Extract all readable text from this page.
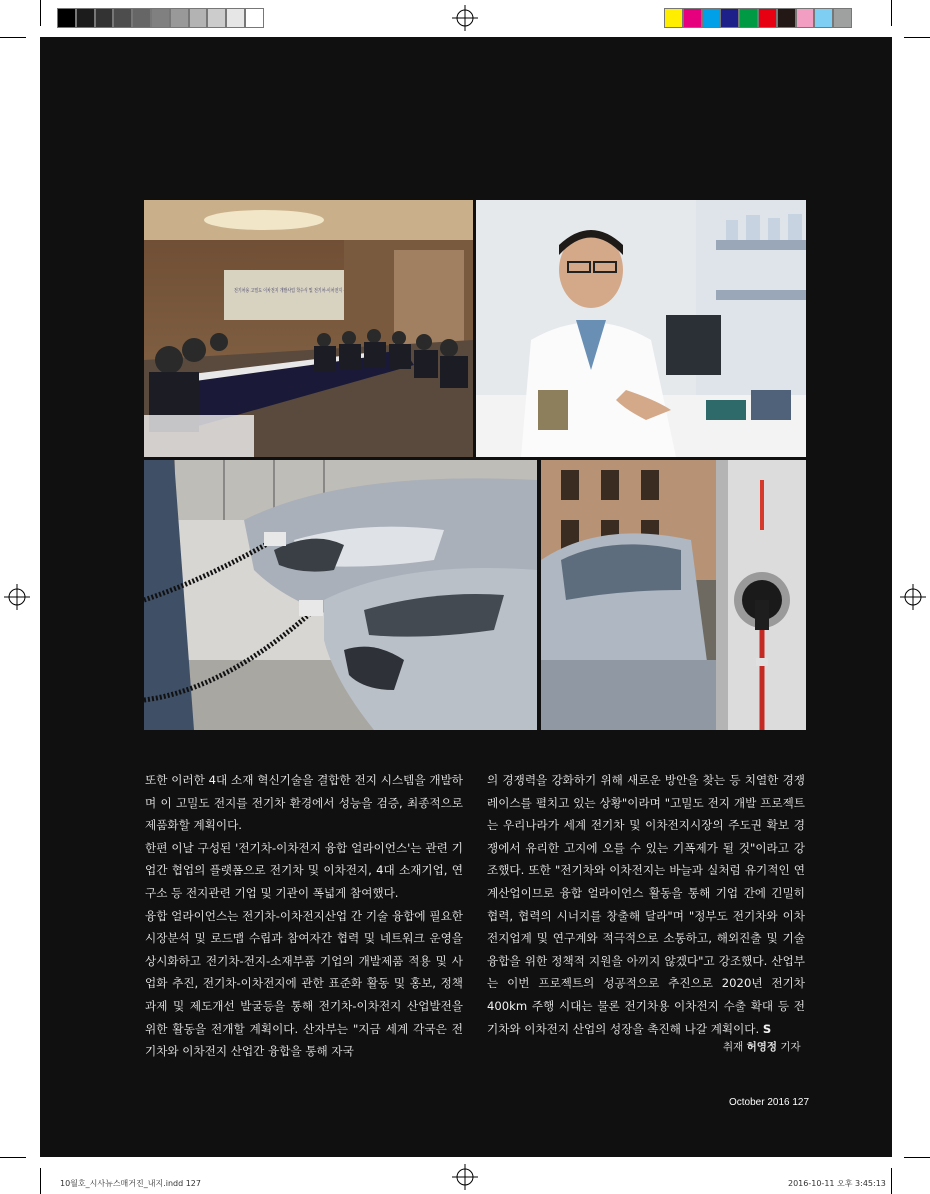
전기차용 고밀도 이차전지 개발사업 착수식 및 전기차-이차전지 융합 얼라이언스 출범식

또한 이러한 4대 소재 혁신기술을 결합한 전지 시스템을 개발하며 이 고밀도 전지를 전기차 환경에서 성능을 검증, 최종적으로 제품화할 계획이다.

한편 이날 구성된 '전기차-이차전지 융합 얼라이언스'는 관련 기업간 협업의 플랫폼으로 전기차 및 이차전지, 4대 소재기업, 연구소 등 전지관련 기업 및 기관이 폭넓게 참여했다.

융합 얼라이언스는 전기차-이차전지산업 간 기술 융합에 필요한 시장분석 및 로드맵 수립과 참여자간 협력 및 네트워크 운영을 상시화하고 전기차-전지-소재부품 기업의 개발제품 적용 및 사업화 추진, 전기차-이차전지에 관한 표준화 활동 및 홍보, 정책과제 및 제도개선 발굴등을 통해 전기차-이차전지 산업발전을 위한 활동을 전개할 계획이다. 산자부는 "지금 세계 각국은 전기차와 이차전지 산업간 융합을 통해 자국

의 경쟁력을 강화하기 위해 새로운 방안을 찾는 등 치열한 경쟁 레이스를 펼치고 있는 상황"이라며 "고밀도 전지 개발 프로젝트는 우리나라가 세계 전기차 및 이차전지시장의 주도권 확보 경쟁에서 유리한 고지에 오를 수 있는 기폭제가 될 것"이라고 강조했다. 또한 "전기차와 이차전지는 바늘과 실처럼 유기적인 연계산업이므로 융합 얼라이언스 활동을 통해 기업 간에 긴밀히 협력, 협력의 시너지를 창출해 달라"며 "정부도 전기차와 이차전지업계 및 연구계와 적극적으로 소통하고, 해외진출 및 기술융합을 위한 정책적 지원을 아끼지 않겠다"고 강조했다. 산업부는 이번 프로젝트의 성공적으로 추진으로 2020년 전기차 400km 주행 시대는 물론 전기차용 이차전지 수출 확대 등 전기차와 이차전지 산업의 성장을 촉진해 나갈 계획이다. S

취재 허영정 기자
October 2016 127
10월호_시사뉴스매거진_내지.indd 127	2016-10-11 오후 3:45:13
